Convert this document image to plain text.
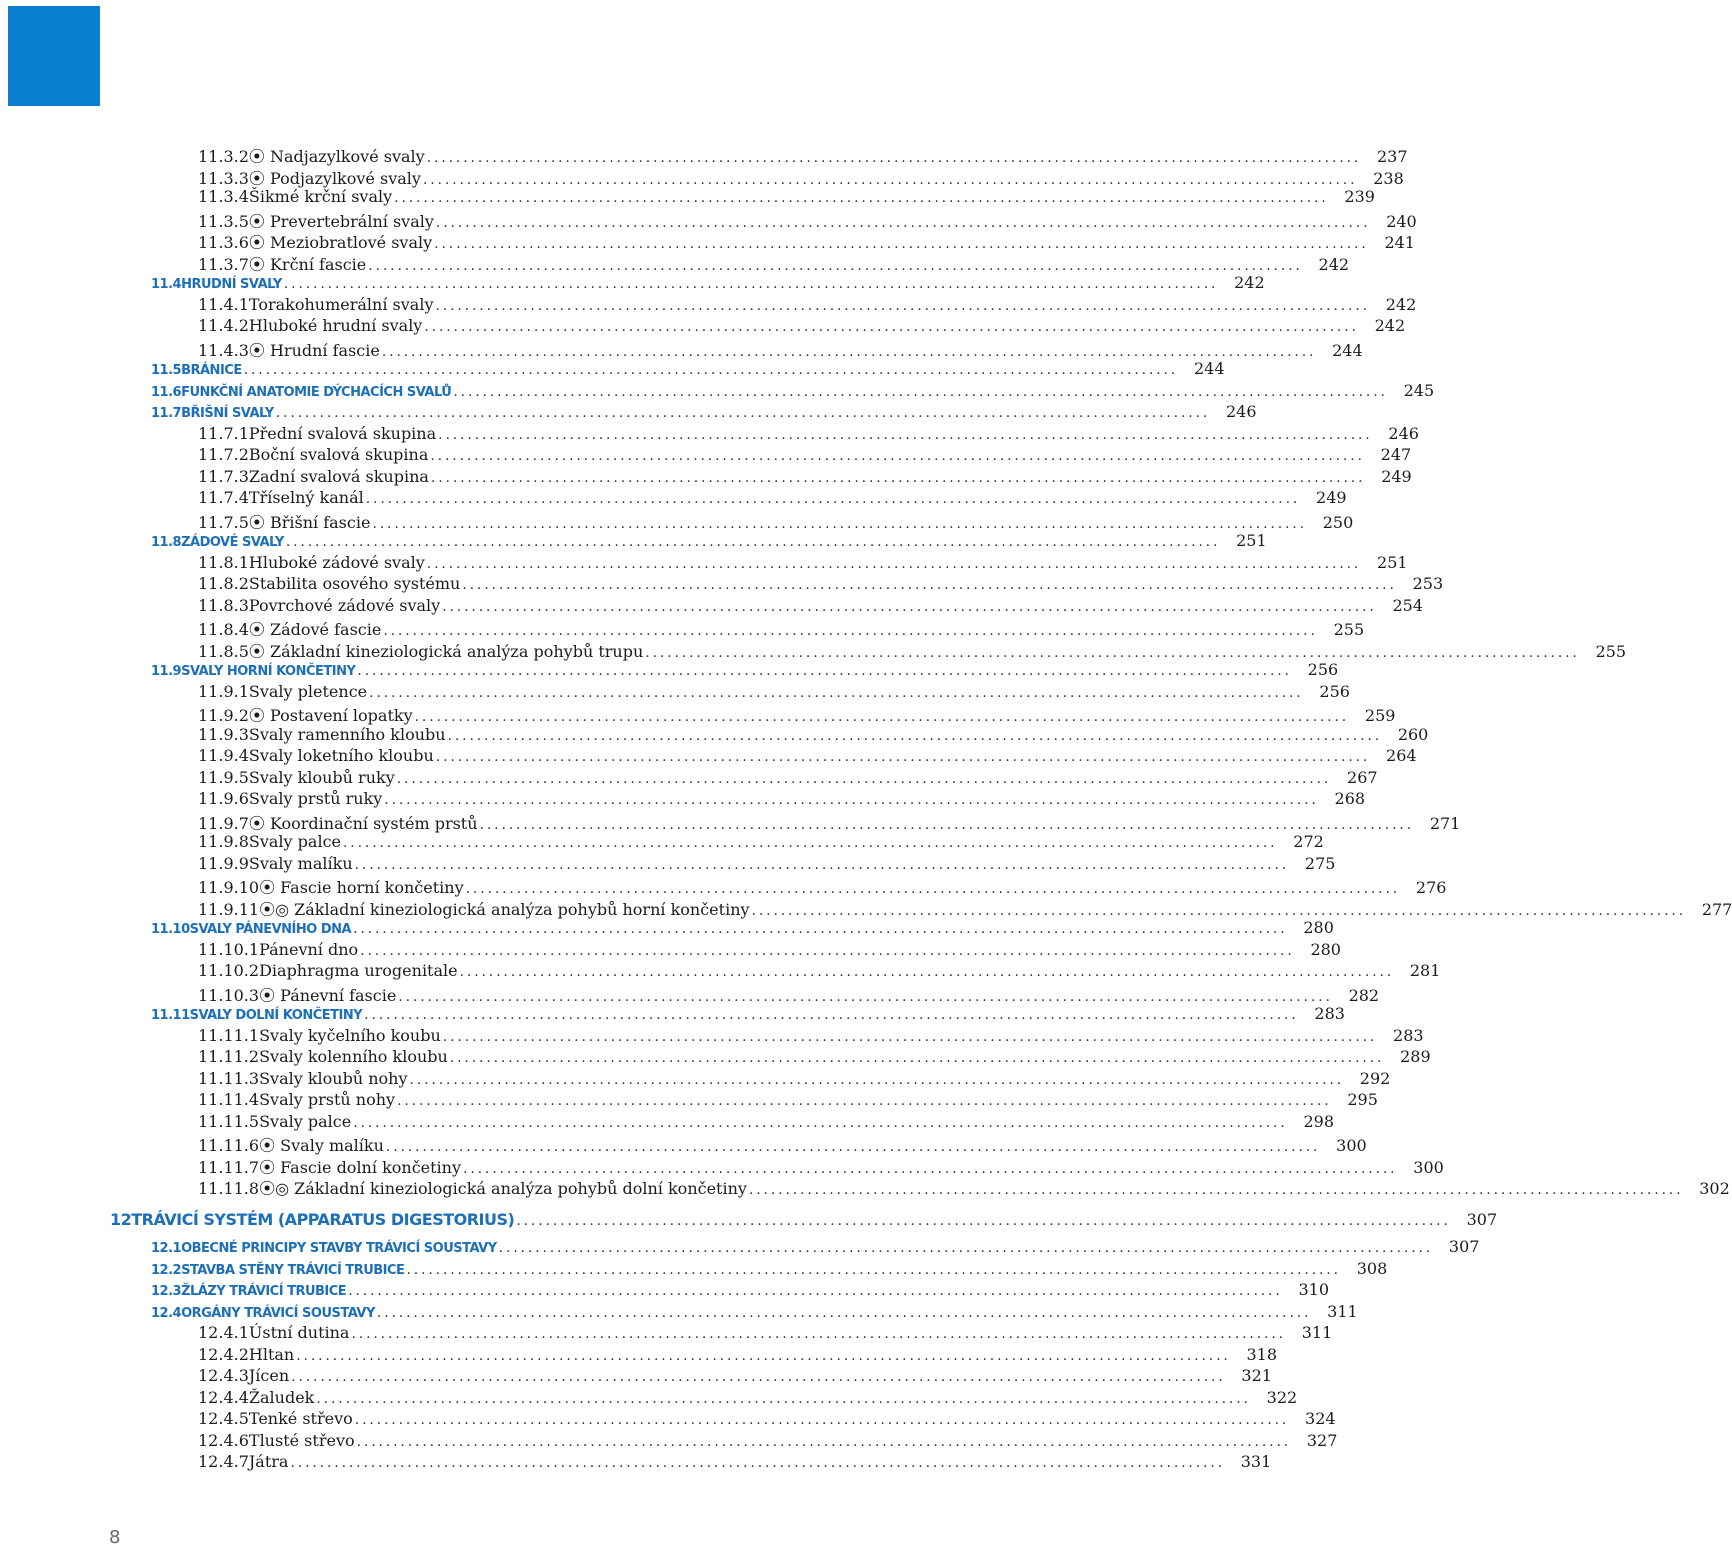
11.3.2 ⦿ Nadjazylkové svaly . . .	237
11.3.3 ⦿ Podjazylkové svaly . . .	238
11.3.4 Šikmé krční svaly . . .	239
11.3.5 ⦿ Prevertebrální svaly . . .	240
11.3.6 ⦿ Meziobratlové svaly . . .	241
11.3.7 ⦿ Krční fascie . . .	242
11.4 HRUDNÍ SVALY . . .	242
11.4.1 Torakohumerální svaly . . .	242
11.4.2 Hluboké hrudní svaly . . .	242
11.4.3 ⦿ Hrudní fascie . . .	244
11.5 BRÁNICE . . .	244
11.6 FUNKČNÍ ANATOMIE DÝCHACÍCH SVALŮ . . .	245
11.7 BŘIŠNÍ SVALY . . .	246
11.7.1 Přední svalová skupina . . .	246
11.7.2 Boční svalová skupina . . .	247
11.7.3 Zadní svalová skupina . . .	249
11.7.4 Tříselný kanál . . .	249
11.7.5 ⦿ Břišní fascie . . .	250
11.8 ZÁDOVÉ SVALY . . .	251
11.8.1 Hluboké zádové svaly . . .	251
11.8.2 Stabilita osového systému . . .	253
11.8.3 Povrchové zádové svaly . . .	254
11.8.4 ⦿ Zádové fascie . . .	255
11.8.5 ⦿ Základní kineziologická analýza pohybů trupu . . .	255
11.9 SVALY HORNÍ KONČETINY . . .	256
11.9.1 Svaly pletence . . .	256
11.9.2 ⦿ Postavení lopatky . . .	259
11.9.3 Svaly ramenního kloubu . . .	260
11.9.4 Svaly loketního kloubu . . .	264
11.9.5 Svaly kloubů ruky . . .	267
11.9.6 Svaly prstů ruky . . .	268
11.9.7 ⦿ Koordinační systém prstů . . .	271
11.9.8 Svaly palce . . .	272
11.9.9 Svaly malíku . . .	275
11.9.10 ⦿ Fascie horní končetiny . . .	276
11.9.11 ⦿◎ Základní kineziologická analýza pohybů horní končetiny . . .	277
11.10 SVALY PÁNEVNÍHO DNA . . .	280
11.10.1 Pánevní dno . . .	280
11.10.2 Diaphragma urogenitale . . .	281
11.10.3 ⦿ Pánevní fascie . . .	282
11.11 SVALY DOLNÍ KONČETINY . . .	283
11.11.1 Svaly kyčelního koubu . . .	283
11.11.2 Svaly kolenního kloubu . . .	289
11.11.3 Svaly kloubů nohy . . .	292
11.11.4 Svaly prstů nohy . . .	295
11.11.5 Svaly palce . . .	298
11.11.6 ⦿ Svaly malíku . . .	300
11.11.7 ⦿ Fascie dolní končetiny . . .	300
11.11.8 ⦿◎ Základní kineziologická analýza pohybů dolní končetiny . . .	302
12 TRÁVICÍ SYSTÉM (APPARATUS DIGESTORIUS) . . .	307
12.1 OBECNÉ PRINCIPY STAVBY TRÁVICÍ SOUSTAVY . . .	307
12.2 STAVBA STĚNY TRÁVICÍ TRUBICE . . .	308
12.3 ŽLÁZY TRÁVICÍ TRUBICE . . .	310
12.4 ORGÁNY TRÁVICÍ SOUSTAVY . . .	311
12.4.1 Ústní dutina . . .	311
12.4.2 Hltan . . .	318
12.4.3 Jícen . . .	321
12.4.4 Žaludek . . .	322
12.4.5 Tenké střevo . . .	324
12.4.6 Tlusté střevo . . .	327
12.4.7 Játra . . .	331
8
